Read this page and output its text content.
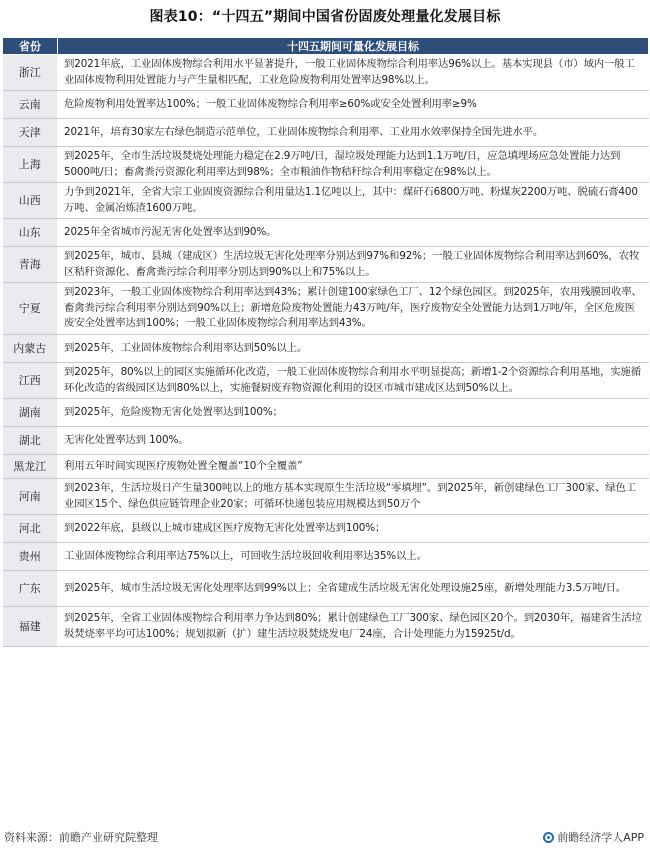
图表10：“十四五”期间中国省份固废处理量化发展目标
省份	十四五期间可量化发展目标
浙江	到2021年底，工业固体废物综合利用水平显著提升，一般工业固体废物综合利用率达96%以上。基本实现县（市）域内一般工业固体废物利用处置能力与产生量相匹配，工业危险废物利用处置率达98%以上。
云南	危险废物利用处置率达100%；一般工业固体废物综合利用率≥60%或安全处置利用率≥9%
天津	2021年，培育30家左右绿色制造示范单位，工业固体废物综合利用率、工业用水效率保持全国先进水平。
上海	到2025年，全市生活垃圾焚烧处理能力稳定在2.9万吨/日，湿垃圾处理能力达到1.1万吨/日，应急填埋场应急处置能力达到5000吨/日；畜禽粪污资源化利用率达到98%；全市粮油作物秸秆综合利用率稳定在98%以上。
山西	力争到2021年，全省大宗工业固废资源综合利用量达1.1亿吨以上，其中：煤矸石6800万吨、粉煤灰2200万吨、脱硫石膏400万吨、金属冶炼渣1600万吨。
山东	2025年全省城市污泥无害化处置率达到90%。
青海	到2025年，城市、县城（建成区）生活垃圾无害化处理率分别达到97%和92%；一般工业固体废物综合利用率达到60%，农牧区秸秆资源化、畜禽粪污综合利用率分别达到90%以上和75%以上。
宁夏	到2023年，一般工业固体废物综合利用率达到43%；累计创建100家绿色工厂、12个绿色园区。到2025年，农用残膜回收率、畜禽粪污综合利用率分别达到90%以上；新增危险废物处置能力43万吨/年，医疗废物安全处置能力达到1万吨/年，全区危废医废安全处置率达到100%；一般工业固体废物综合利用率达到43%。
内蒙古	到2025年，工业固体废物综合利用率达到50%以上。
江西	到2025年，80%以上的园区实施循环化改造，一般工业固体废物综合利用水平明显提高；新增1-2个资源综合利用基地，实施循环化改造的省级园区达到80%以上，实施餐厨废弃物资源化利用的设区市城市建成区达到50%以上。
湖南	到2025年，危险废物无害化处置率达到100%；
湖北	无害化处置率达到 100%。
黑龙江	利用五年时间实现医疗废物处置全覆盖“10个全覆盖”
河南	到2023年，生活垃圾日产生量300吨以上的地方基本实现原生生活垃圾“零填埋”。到2025年，新创建绿色工厂300家、绿色工业园区15个、绿色供应链管理企业20家；可循环快递包装应用规模达到50万个
河北	到2022年底，县级以上城市建成区医疗废物无害化处置率达到100%；
贵州	工业固体废物综合利用率达75%以上，可回收生活垃圾回收利用率达35%以上。
广东	到2025年，城市生活垃圾无害化处理率达到99%以上；全省建成生活垃圾无害化处理设施25座，新增处理能力3.5万吨/日。
福建	到2025年，全省工业固体废物综合利用率力争达到80%；累计创建绿色工厂300家、绿色园区20个。到2030年，福建省生活垃圾焚烧率平均可达100%；规划拟新（扩）建生活垃圾焚烧发电厂24座，合计处理能力为15925t/d。
资料来源：前瞻产业研究院整理	前瞻经济学人APP
